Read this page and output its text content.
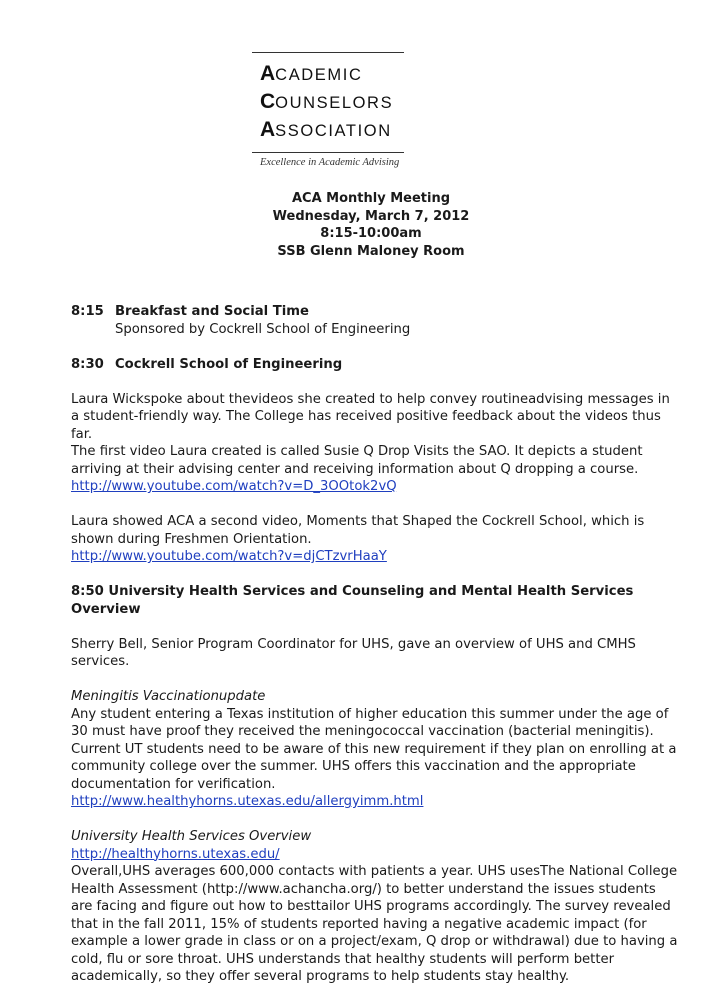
ACADEMIC
COUNSELORS
ASSOCIATION
Excellence in Academic Advising
ACA Monthly Meeting
Wednesday, March 7, 2012
8:15-10:00am
SSB Glenn Maloney Room

8:15 Breakfast and Social Time

Sponsored by Cockrell School of Engineering

8:30 Cockrell School of Engineering

Laura Wickspoke about thevideos she created to help convey routineadvising messages in a student-friendly way. The College has received positive feedback about the videos thus far.

The first video Laura created is called Susie Q Drop Visits the SAO. It depicts a student arriving at their advising center and receiving information about Q dropping a course.

http://www.youtube.com/watch?v=D_3OOtok2vQ

Laura showed ACA a second video, Moments that Shaped the Cockrell School, which is shown during Freshmen Orientation.

http://www.youtube.com/watch?v=djCTzvrHaaY

8:50 University Health Services and Counseling and Mental Health Services Overview

Sherry Bell, Senior Program Coordinator for UHS, gave an overview of UHS and CMHS services.

Meningitis Vaccinationupdate

Any student entering a Texas institution of higher education this summer under the age of 30 must have proof they received the meningococcal vaccination (bacterial meningitis). Current UT students need to be aware of this new requirement if they plan on enrolling at a community college over the summer. UHS offers this vaccination and the appropriate documentation for verification.

http://www.healthyhorns.utexas.edu/allergyimm.html

University Health Services Overview

http://healthyhorns.utexas.edu/

Overall,UHS averages 600,000 contacts with patients a year. UHS usesThe National College Health Assessment (http://www.achancha.org/) to better understand the issues students are facing and figure out how to besttailor UHS programs accordingly. The survey revealed that in the fall 2011, 15% of students reported having a negative academic impact (for example a lower grade in class or on a project/exam, Q drop or withdrawal) due to having a cold, flu or sore throat. UHS understands that healthy students will perform better academically, so they offer several programs to help students stay healthy.
